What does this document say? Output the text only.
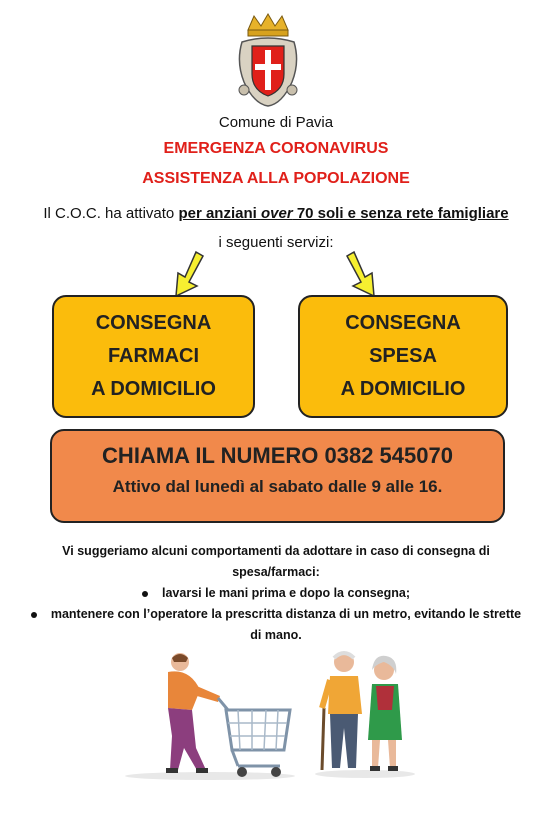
Comune di Pavia
EMERGENZA CORONAVIRUS
ASSISTENZA ALLA POPOLAZIONE
Il C.O.C. ha attivato per anziani over 70 soli e senza rete famigliare i seguenti servizi:
CONSEGNA
FARMACI
A DOMICILIO
CONSEGNA
SPESA
A DOMICILIO
CHIAMA IL NUMERO 0382 545070
Attivo dal lunedì al sabato dalle 9 alle 16.
Vi suggeriamo alcuni comportamenti da adottare in caso di consegna di spesa/farmaci:
lavarsi le mani prima e dopo la consegna;
mantenere con l’operatore la prescritta distanza di un metro, evitando le strette di mano.
